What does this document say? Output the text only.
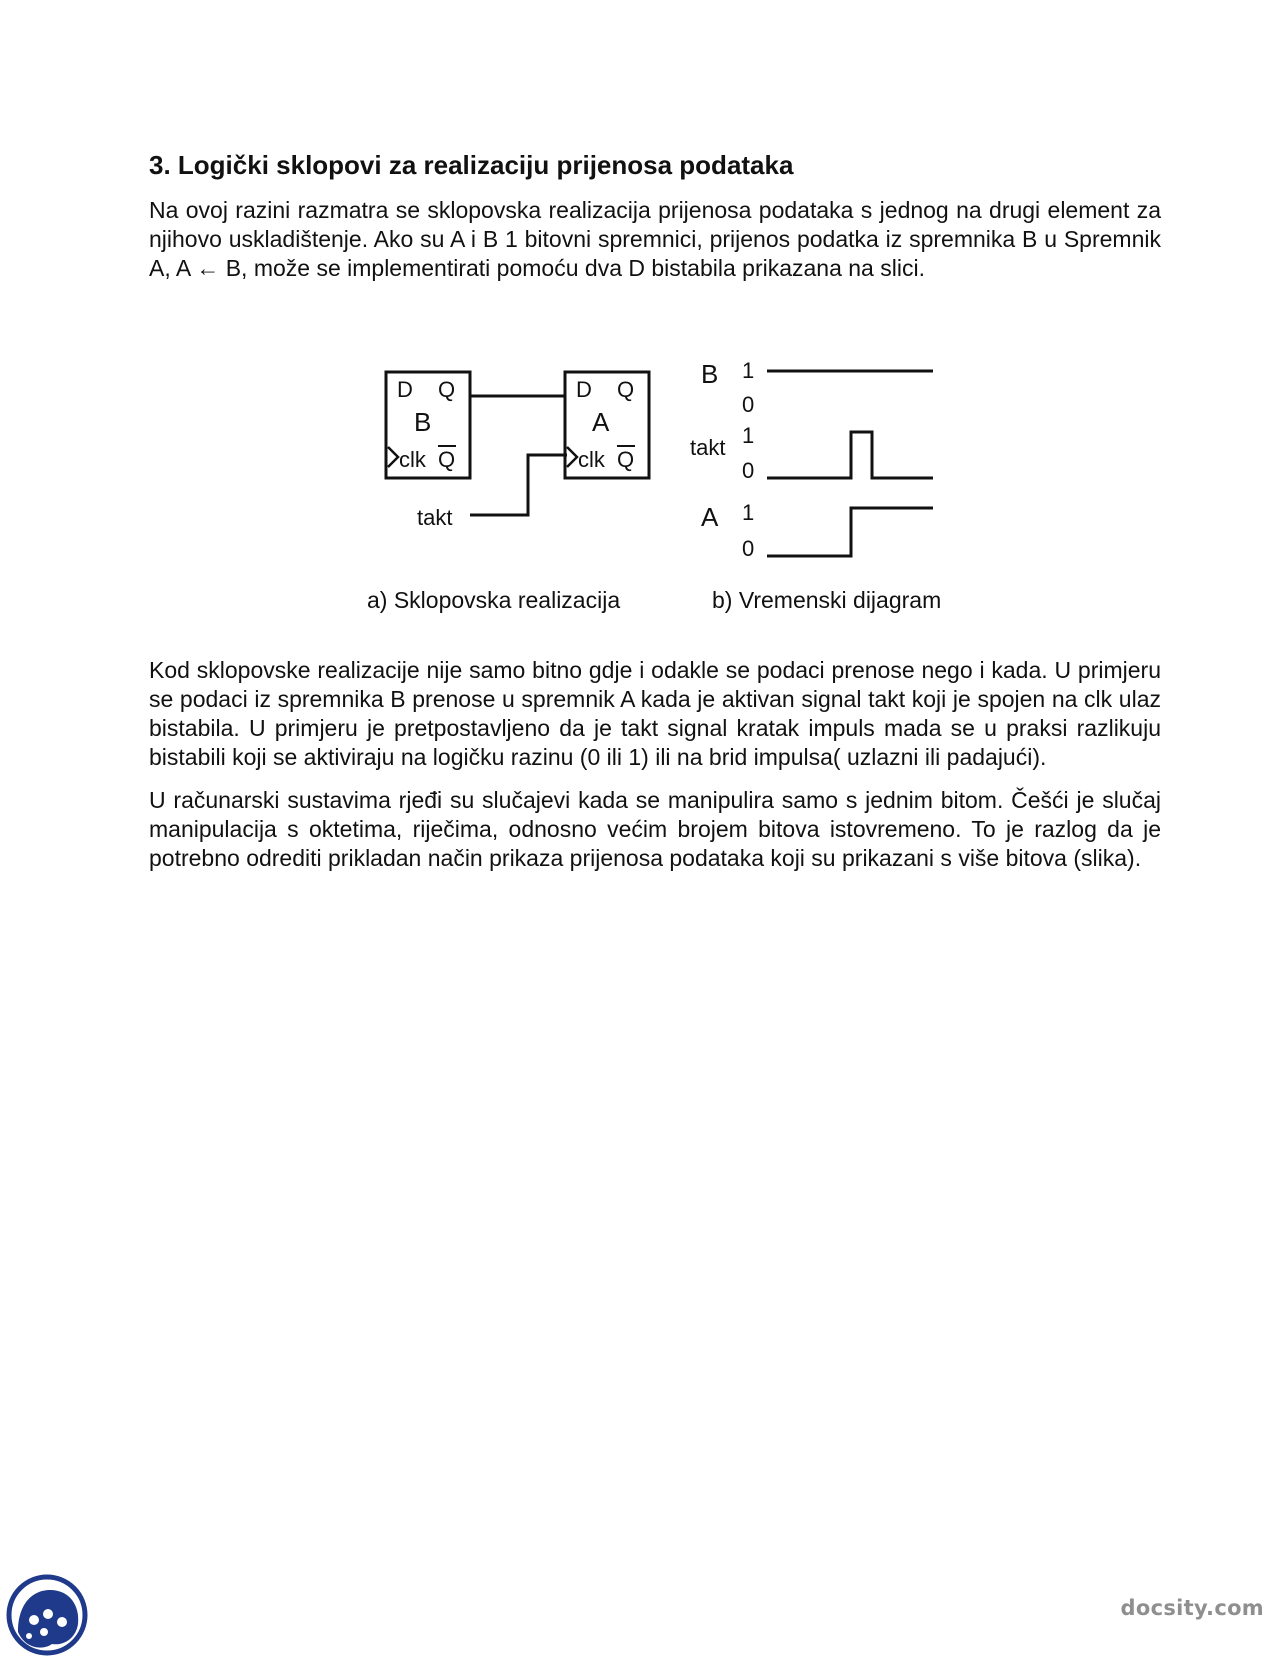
3. Logički sklopovi za realizaciju prijenosa podataka

Na ovoj razini razmatra se sklopovska realizacija prijenosa podataka s jednog na drugi element za njihovo uskladištenje. Ako su A i B 1 bitovni spremnici, prijenos podatka iz spremnika B u Spremnik A, A ← B, može se implementirati pomoću dva D bistabila prikazana na slici.

D Q
B
clk Q
D Q
A
clk Q
takt
B 1
0
takt 1
0
A 1
0
a) Sklopovska realizacija	b) Vremenski dijagram

Kod sklopovske realizacije nije samo bitno gdje i odakle se podaci prenose nego i kada. U primjeru se podaci iz spremnika B prenose u spremnik A kada je aktivan signal takt koji je spojen na clk ulaz bistabila. U primjeru je pretpostavljeno da je takt signal kratak impuls mada se u praksi razlikuju bistabili koji se aktiviraju na logičku razinu (0 ili 1) ili na brid impulsa( uzlazni ili padajući).

U računarski sustavima rjeđi su slučajevi kada se manipulira samo s jednim bitom. Češći je slučaj manipulacija s oktetima, riječima, odnosno većim brojem bitova istovremeno. To je razlog da je potrebno odrediti prikladan način prikaza prijenosa podataka koji su prikazani s više bitova (slika).

docsity.com
